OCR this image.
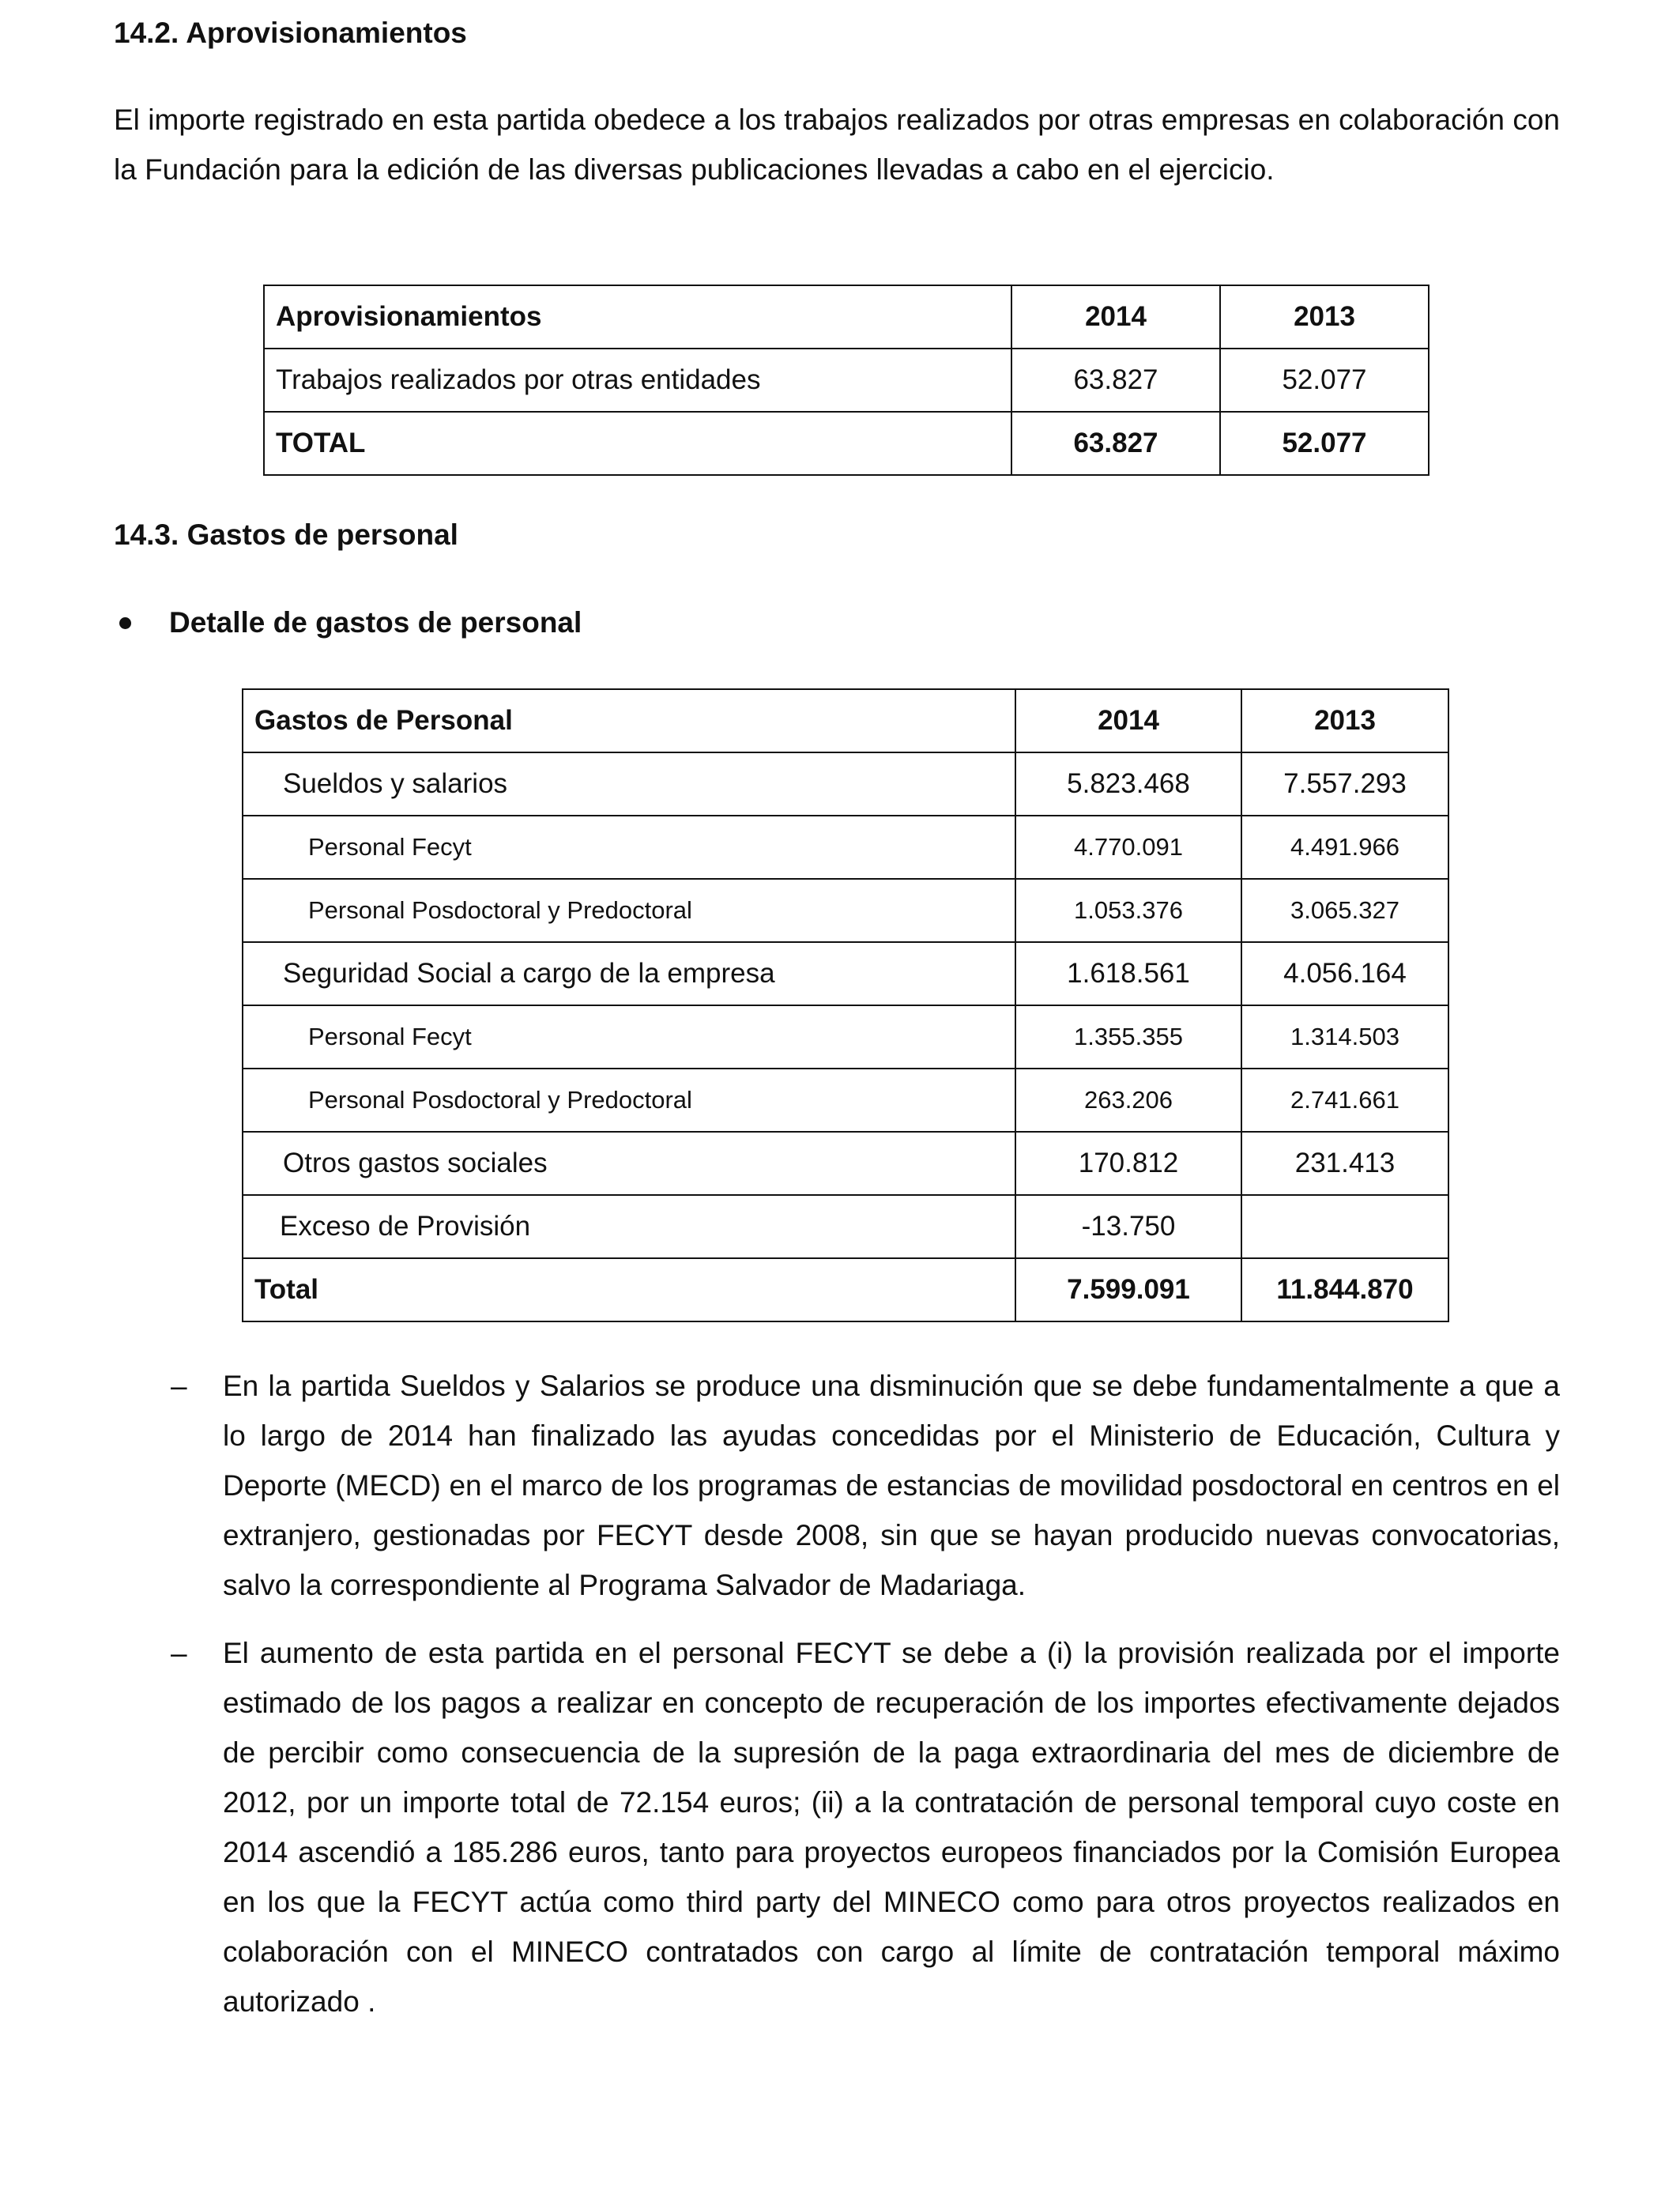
14.2. Aprovisionamientos
El importe registrado en esta partida obedece a los trabajos realizados por otras empresas en colaboración con la Fundación para la edición de las diversas publicaciones llevadas a cabo en el ejercicio.
Aprovisionamientos	2014	2013
Trabajos realizados por otras entidades	63.827	52.077
TOTAL	63.827	52.077
14.3. Gastos de personal
Detalle de gastos de personal
Gastos de Personal	2014	2013
Sueldos y salarios	5.823.468	7.557.293
Personal Fecyt	4.770.091	4.491.966
Personal Posdoctoral y Predoctoral	1.053.376	3.065.327
Seguridad Social a cargo de la empresa	1.618.561	4.056.164
Personal Fecyt	1.355.355	1.314.503
Personal Posdoctoral y Predoctoral	263.206	2.741.661
Otros gastos sociales	170.812	231.413
Exceso de Provisión	-13.750	
Total	7.599.091	11.844.870
– En la partida Sueldos y Salarios se produce una disminución que se debe fundamentalmente a que a lo largo de 2014 han finalizado las ayudas concedidas por el Ministerio de Educación, Cultura y Deporte (MECD) en el marco de los programas de estancias de movilidad posdoctoral en centros en el extranjero, gestionadas por FECYT desde 2008, sin que se hayan producido nuevas convocatorias, salvo la correspondiente al Programa Salvador de Madariaga.
– El aumento de esta partida en el personal FECYT se debe a (i) la provisión realizada por el importe estimado de los pagos a realizar en concepto de recuperación de los importes efectivamente dejados de percibir como consecuencia de la supresión de la paga extraordinaria del mes de diciembre de 2012, por un importe total de 72.154 euros; (ii) a la contratación de personal temporal cuyo coste en 2014 ascendió a 185.286 euros, tanto para proyectos europeos financiados por la Comisión Europea en los que la FECYT actúa como third party del MINECO como para otros proyectos realizados en colaboración con el MINECO contratados con cargo al límite de contratación temporal máximo autorizado .
